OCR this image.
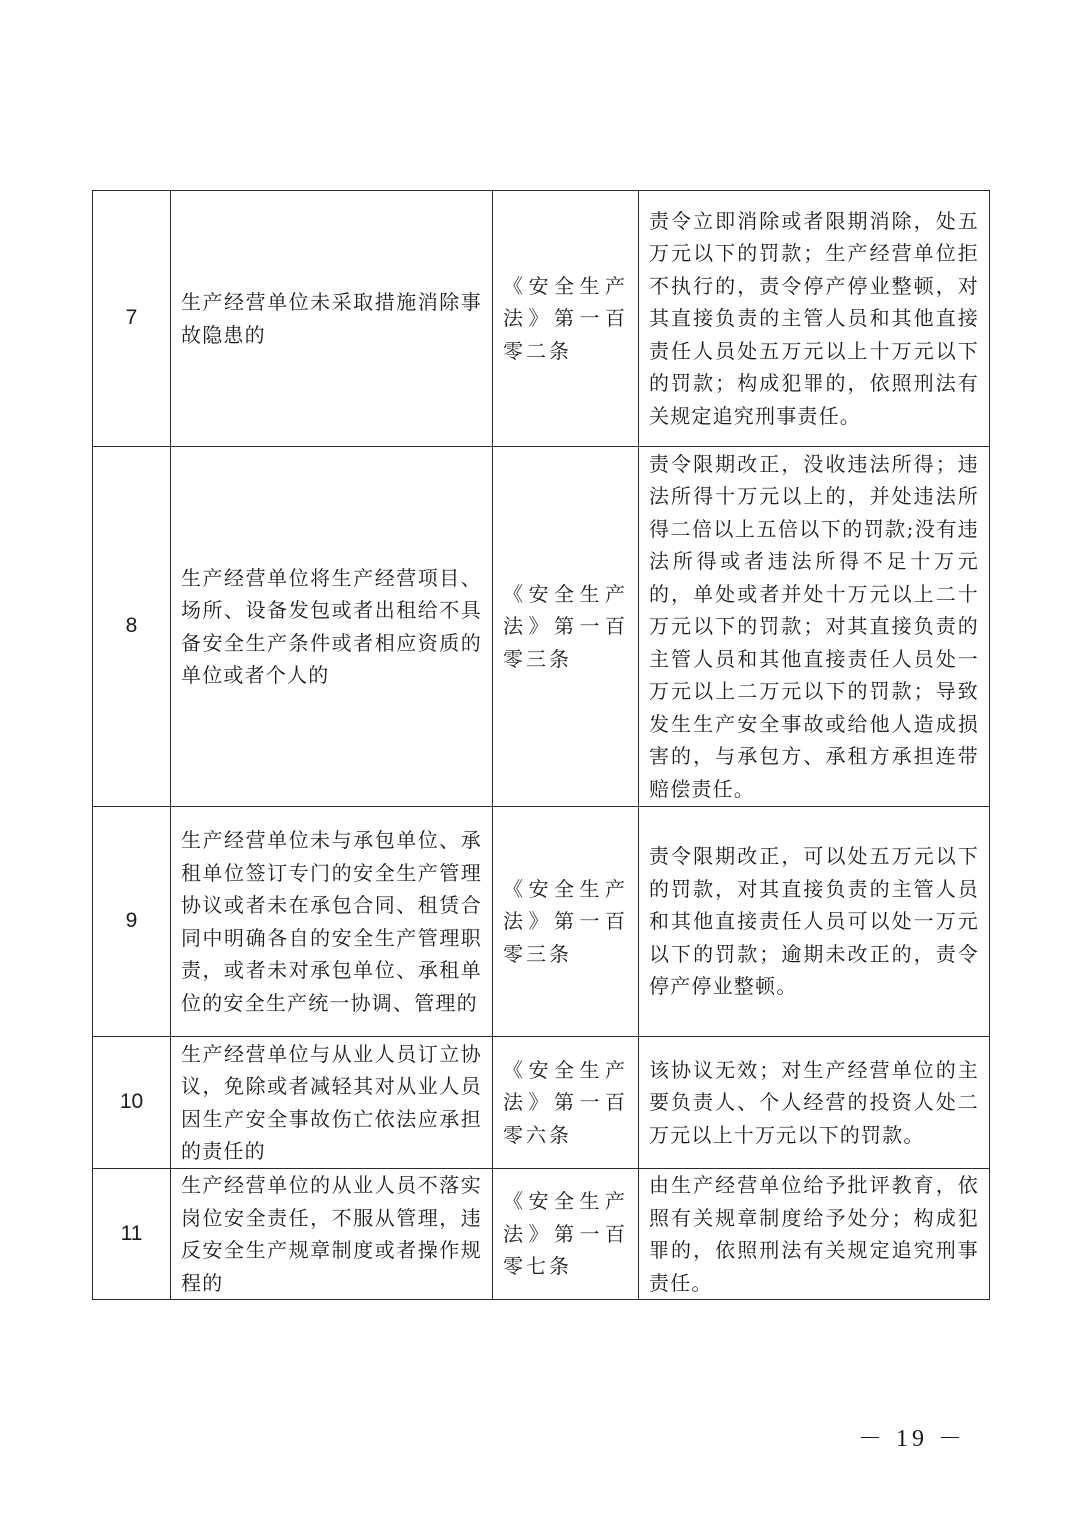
7	生产经营单位未采取措施消除事故隐患的	《安全生产法》第一百零二条	责令立即消除或者限期消除，处五万元以下的罚款；生产经营单位拒不执行的，责令停产停业整顿，对其直接负责的主管人员和其他直接责任人员处五万元以上十万元以下的罚款；构成犯罪的，依照刑法有关规定追究刑事责任。
8	生产经营单位将生产经营项目、场所、设备发包或者出租给不具备安全生产条件或者相应资质的单位或者个人的	《安全生产法》第一百零三条	责令限期改正，没收违法所得；违法所得十万元以上的，并处违法所得二倍以上五倍以下的罚款;没有违法所得或者违法所得不足十万元的，单处或者并处十万元以上二十万元以下的罚款；对其直接负责的主管人员和其他直接责任人员处一万元以上二万元以下的罚款；导致发生生产安全事故或给他人造成损害的，与承包方、承租方承担连带赔偿责任。
9	生产经营单位未与承包单位、承租单位签订专门的安全生产管理协议或者未在承包合同、租赁合同中明确各自的安全生产管理职责，或者未对承包单位、承租单位的安全生产统一协调、管理的	《安全生产法》第一百零三条	责令限期改正，可以处五万元以下的罚款，对其直接负责的主管人员和其他直接责任人员可以处一万元以下的罚款；逾期未改正的，责令停产停业整顿。
10	生产经营单位与从业人员订立协议，免除或者减轻其对从业人员因生产安全事故伤亡依法应承担的责任的	《安全生产法》第一百零六条	该协议无效；对生产经营单位的主要负责人、个人经营的投资人处二万元以上十万元以下的罚款。
11	生产经营单位的从业人员不落实岗位安全责任，不服从管理，违反安全生产规章制度或者操作规程的	《安全生产法》第一百零七条	由生产经营单位给予批评教育，依照有关规章制度给予处分；构成犯罪的，依照刑法有关规定追究刑事责任。
－ 19 －
